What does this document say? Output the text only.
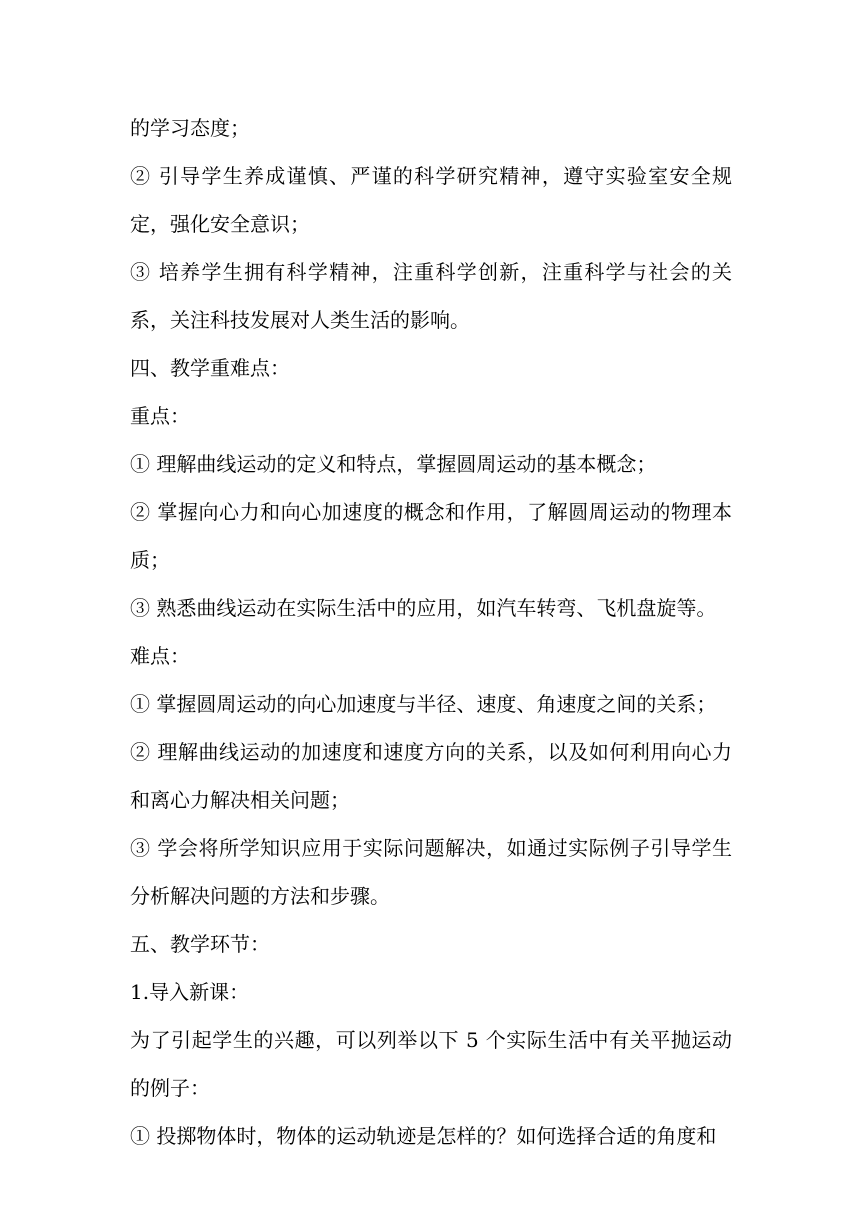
的学习态度；

② 引导学生养成谨慎、严谨的科学研究精神，遵守实验室安全规定，强化安全意识；

③ 培养学生拥有科学精神，注重科学创新，注重科学与社会的关系，关注科技发展对人类生活的影响。

四、教学重难点：

重点：

① 理解曲线运动的定义和特点，掌握圆周运动的基本概念；

② 掌握向心力和向心加速度的概念和作用，了解圆周运动的物理本质；

③ 熟悉曲线运动在实际生活中的应用，如汽车转弯、飞机盘旋等。

难点：

① 掌握圆周运动的向心加速度与半径、速度、角速度之间的关系；

② 理解曲线运动的加速度和速度方向的关系，以及如何利用向心力和离心力解决相关问题；

③ 学会将所学知识应用于实际问题解决，如通过实际例子引导学生分析解决问题的方法和步骤。

五、教学环节：

1.导入新课：

为了引起学生的兴趣，可以列举以下 5 个实际生活中有关平抛运动的例子：

① 投掷物体时，物体的运动轨迹是怎样的？如何选择合适的角度和
